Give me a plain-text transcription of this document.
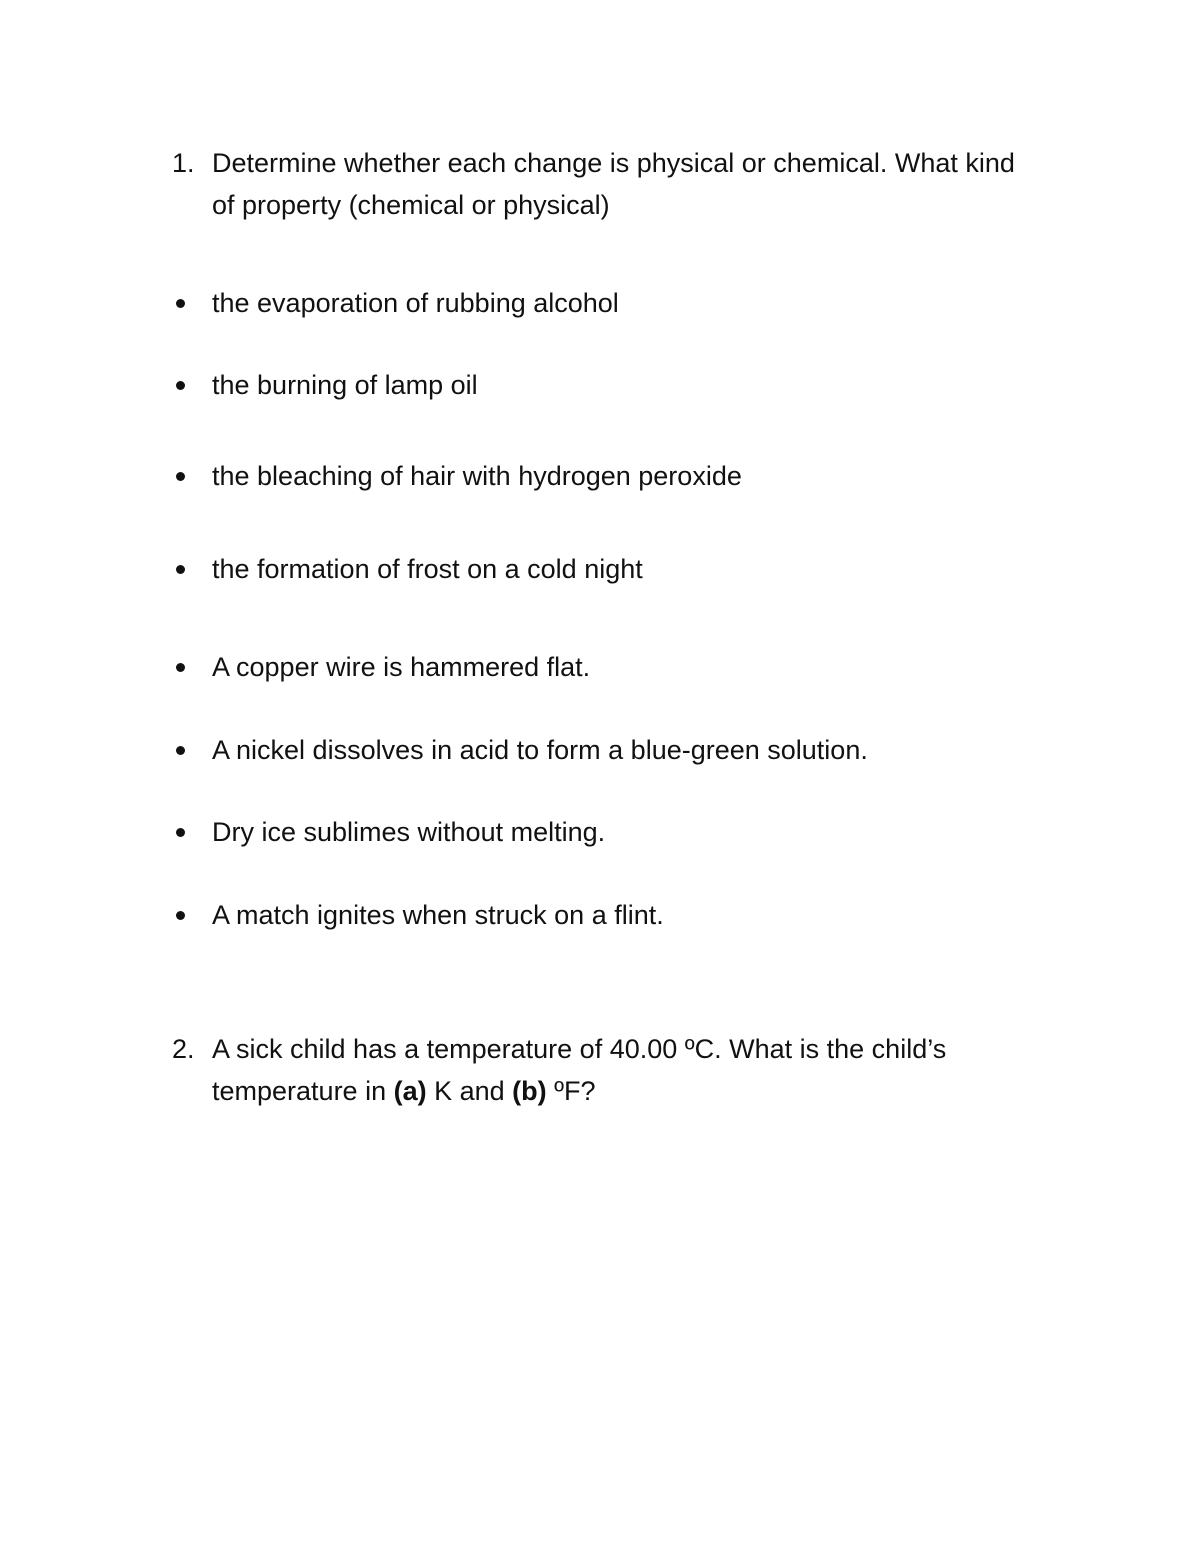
1. Determine whether each change is physical or chemical. What kind of property (chemical or physical)
the evaporation of rubbing alcohol
the burning of lamp oil
the bleaching of hair with hydrogen peroxide
the formation of frost on a cold night
A copper wire is hammered flat.
A nickel dissolves in acid to form a blue-green solution.
Dry ice sublimes without melting.
A match ignites when struck on a flint.
2. A sick child has a temperature of 40.00 ºC. What is the child’s temperature in (a) K and (b) ºF?
